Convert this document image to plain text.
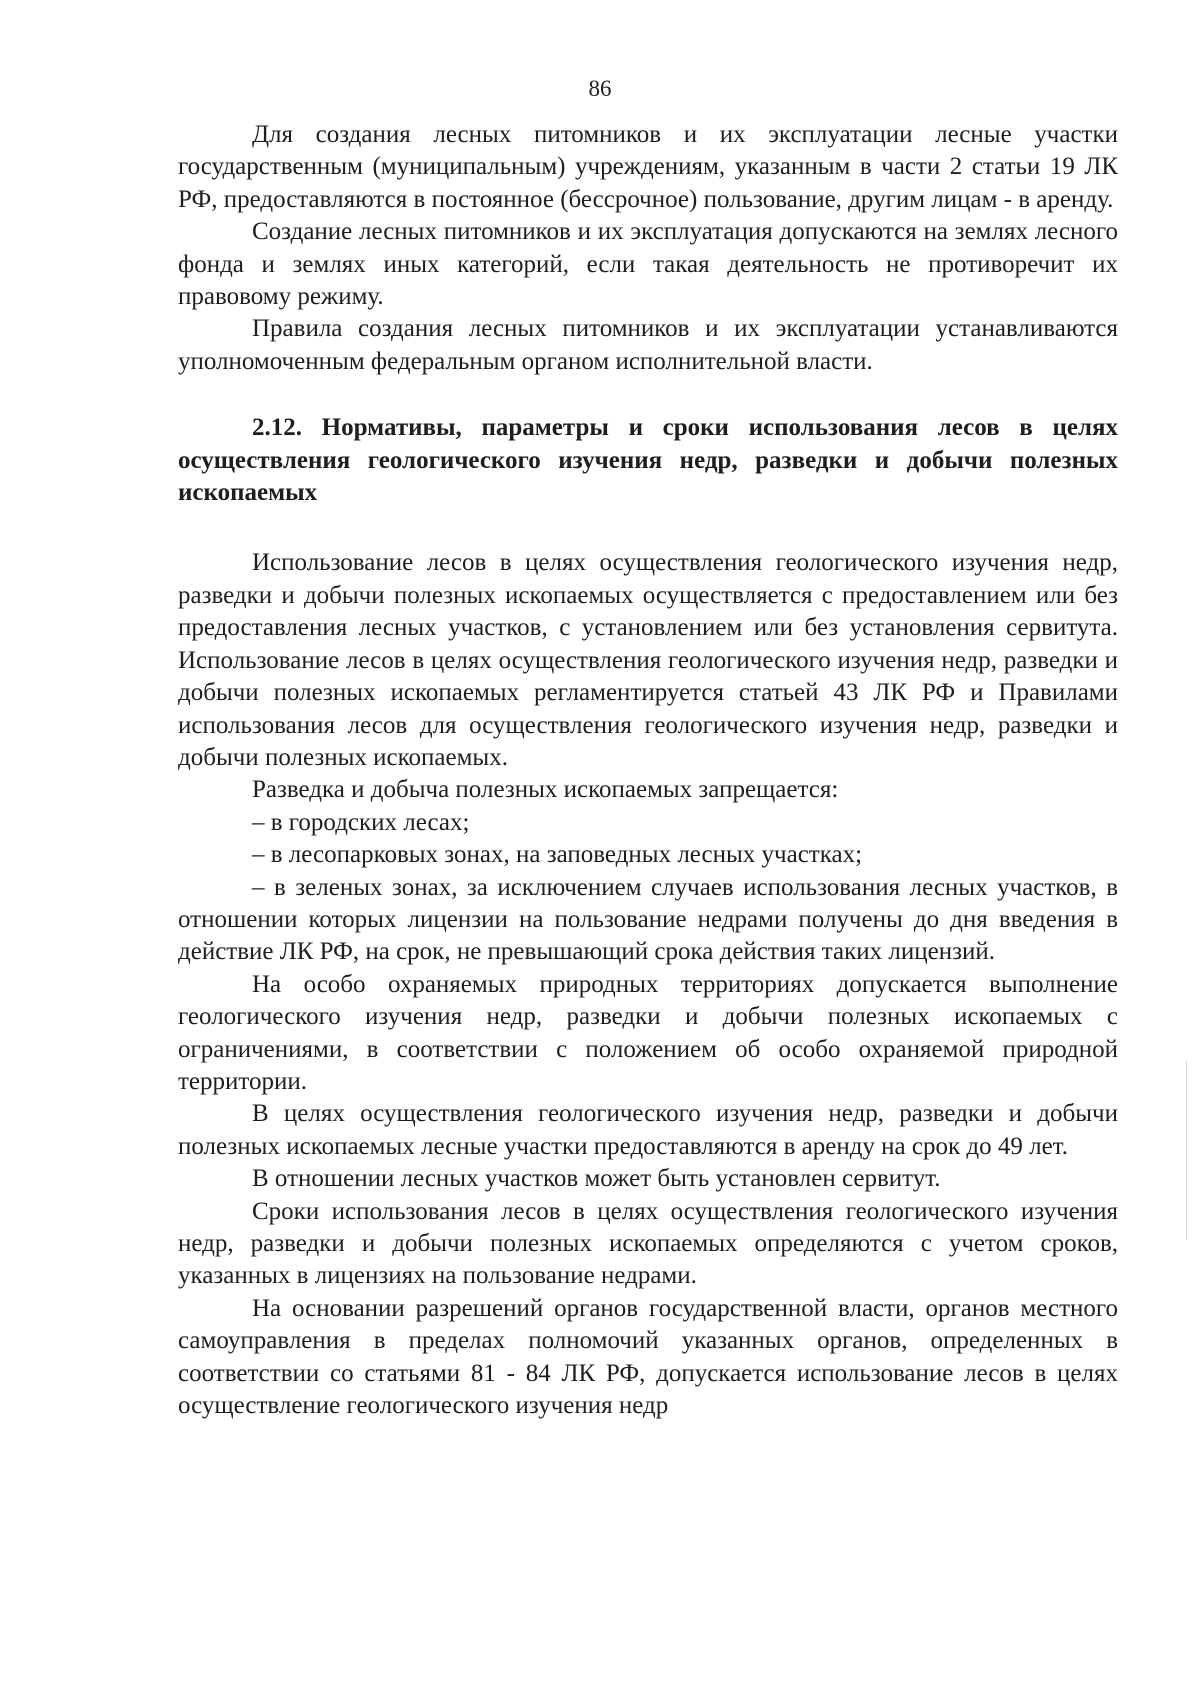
86

Для создания лесных питомников и их эксплуатации лесные участки государственным (муниципальным) учреждениям, указанным в части 2 статьи 19 ЛК РФ, предоставляются в постоянное (бессрочное) пользование, другим лицам - в аренду.

Создание лесных питомников и их эксплуатация допускаются на землях лесного фонда и землях иных категорий, если такая деятельность не противоречит их правовому режиму.

Правила создания лесных питомников и их эксплуатации устанавливаются уполномоченным федеральным органом исполнительной власти.

2.12. Нормативы, параметры и сроки использования лесов в целях осуществления геологического изучения недр, разведки и добычи полезных ископаемых

Использование лесов в целях осуществления геологического изучения недр, разведки и добычи полезных ископаемых осуществляется с предоставлением или без предоставления лесных участков, с установлением или без установления сервитута. Использование лесов в целях осуществления геологического изучения недр, разведки и добычи полезных ископаемых регламентируется статьей 43 ЛК РФ и Правилами использования лесов для осуществления геологического изучения недр, разведки и добычи полезных ископаемых.

Разведка и добыча полезных ископаемых запрещается:

– в городских лесах;

– в лесопарковых зонах, на заповедных лесных участках;

– в зеленых зонах, за исключением случаев использования лесных участков, в отношении которых лицензии на пользование недрами получены до дня введения в действие ЛК РФ, на срок, не превышающий срока действия таких лицензий.

На особо охраняемых природных территориях допускается выполнение геологического изучения недр, разведки и добычи полезных ископаемых с ограничениями, в соответствии с положением об особо охраняемой природной территории.

В целях осуществления геологического изучения недр, разведки и добычи полезных ископаемых лесные участки предоставляются в аренду на срок до 49 лет.

В отношении лесных участков может быть установлен сервитут.

Сроки использования лесов в целях осуществления геологического изучения недр, разведки и добычи полезных ископаемых определяются с учетом сроков, указанных в лицензиях на пользование недрами.

На основании разрешений органов государственной власти, органов местного самоуправления в пределах полномочий указанных органов, определенных в соответствии со статьями 81 - 84 ЛК РФ, допускается использование лесов в целях осуществление геологического изучения недр
